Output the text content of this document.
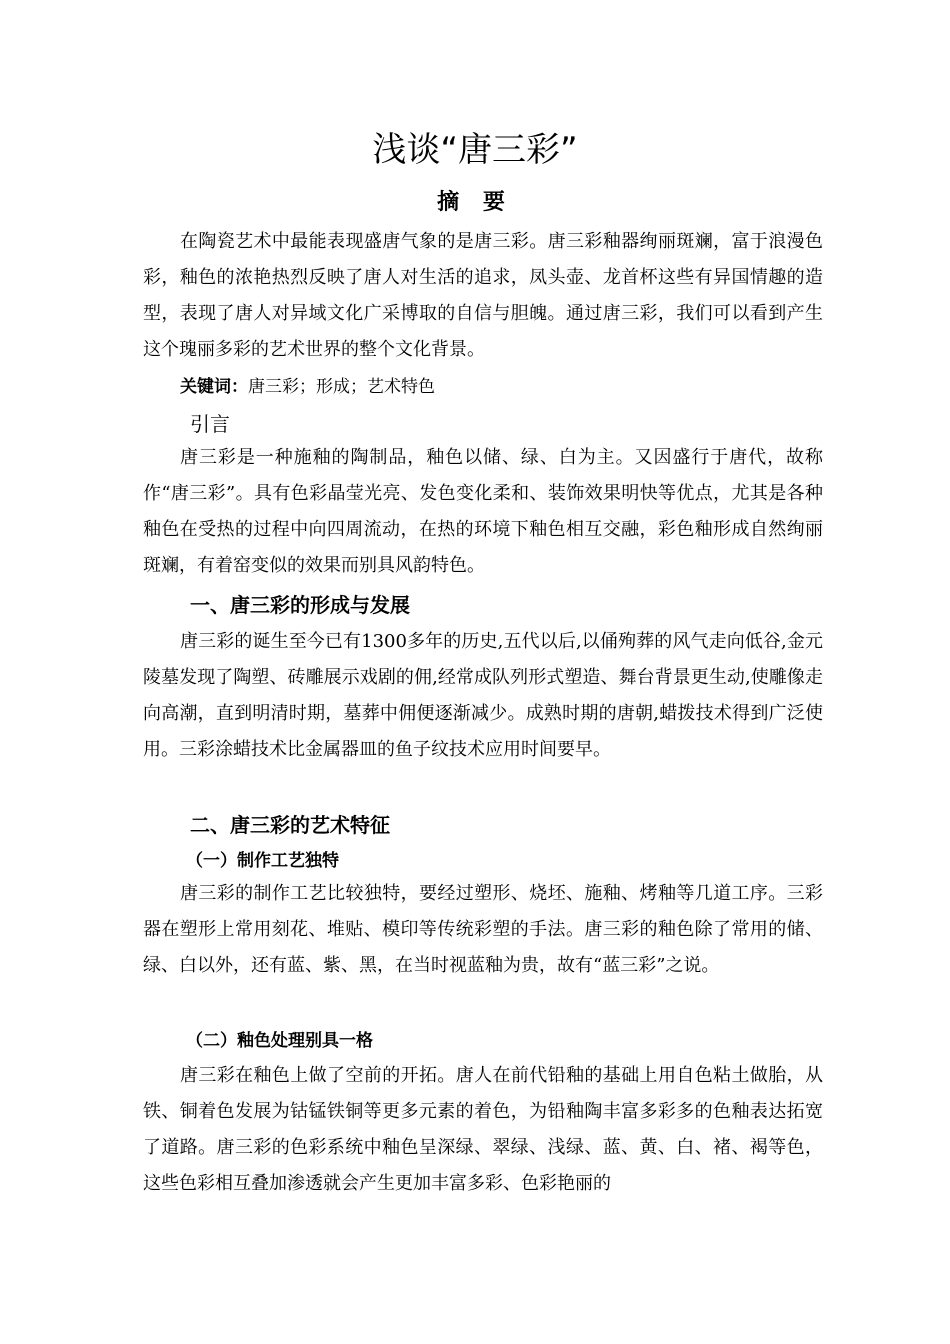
浅谈“唐三彩”
摘 要
在陶瓷艺术中最能表现盛唐气象的是唐三彩。唐三彩釉器绚丽斑斓，富于浪漫色彩，釉色的浓艳热烈反映了唐人对生活的追求，凤头壶、龙首杯这些有异国情趣的造型，表现了唐人对异域文化广采博取的自信与胆魄。通过唐三彩，我们可以看到产生这个瑰丽多彩的艺术世界的整个文化背景。
关键词：唐三彩；形成；艺术特色
引言
唐三彩是一种施釉的陶制品，釉色以储、绿、白为主。又因盛行于唐代，故称作“唐三彩”。具有色彩晶莹光亮、发色变化柔和、装饰效果明快等优点，尤其是各种釉色在受热的过程中向四周流动，在热的环境下釉色相互交融，彩色釉形成自然绚丽斑斓，有着窑变似的效果而别具风韵特色。
一、唐三彩的形成与发展
唐三彩的诞生至今已有1300多年的历史,五代以后,以俑殉葬的风气走向低谷,金元陵墓发现了陶塑、砖雕展示戏剧的佣,经常成队列形式塑造、舞台背景更生动,使雕像走向高潮，直到明清时期，墓葬中佣便逐渐减少。成熟时期的唐朝,蜡拨技术得到广泛使用。三彩涂蜡技术比金属器皿的鱼子纹技术应用时间要早。
二、唐三彩的艺术特征
（一）制作工艺独特
唐三彩的制作工艺比较独特，要经过塑形、烧坯、施釉、烤釉等几道工序。三彩器在塑形上常用刻花、堆贴、模印等传统彩塑的手法。唐三彩的釉色除了常用的储、绿、白以外，还有蓝、紫、黑，在当时视蓝釉为贵，故有“蓝三彩”之说。
（二）釉色处理别具一格
唐三彩在釉色上做了空前的开拓。唐人在前代铅釉的基础上用自色粘土做胎，从铁、铜着色发展为钴锰铁铜等更多元素的着色，为铅釉陶丰富多彩多的色釉表达拓宽了道路。唐三彩的色彩系统中釉色呈深绿、翠绿、浅绿、蓝、黄、白、褚、褐等色，这些色彩相互叠加渗透就会产生更加丰富多彩、色彩艳丽的
